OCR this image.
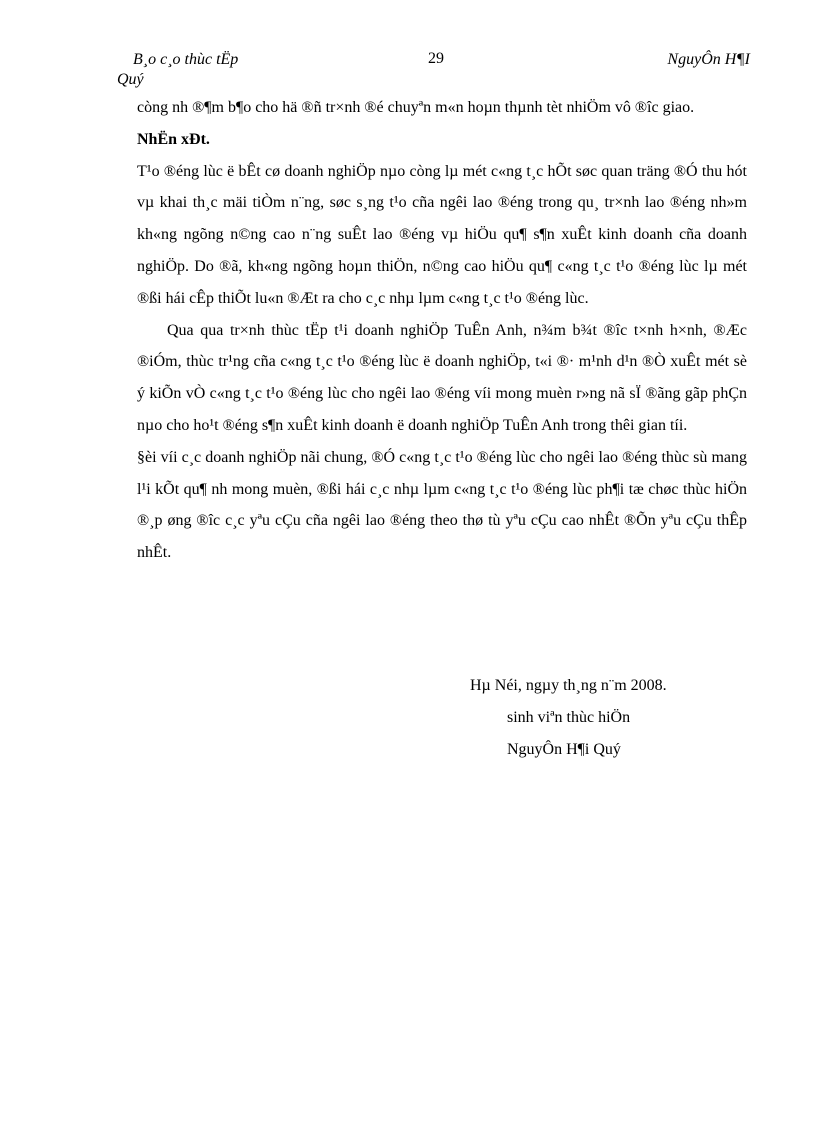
B¸o c¸o thùc tËp
Quý
29	NguyÔn H¶I

còng nh ®¶m b¶o cho hä ®ñ tr×nh ®é chuyªn m«n hoµn thµnh tèt nhiÖm vô ®îc giao.

NhËn xÐt.

T¹o ®éng lùc ë bÊt cø doanh nghiÖp nµo còng lµ mét c«ng t¸c hÕt søc quan träng ®Ó thu hót vµ khai th¸c mäi tiÒm n¨ng, søc s¸ng t¹o cña ngêi lao ®éng trong qu¸ tr×nh lao ®éng nh»m kh«ng ngõng n©ng cao n¨ng suÊt lao ®éng vµ hiÖu qu¶ s¶n xuÊt kinh doanh cña doanh nghiÖp. Do ®ã, kh«ng ngõng hoµn thiÖn, n©ng cao hiÖu qu¶ c«ng t¸c t¹o ®éng lùc lµ mét ®ßi hái cÊp thiÕt lu«n ®Æt ra cho c¸c nhµ lµm c«ng t¸c t¹o ®éng lùc.

Qua qua tr×nh thùc tËp t¹i doanh nghiÖp TuÊn Anh, n¾m b¾t ®îc t×nh h×nh, ®Æc ®iÓm, thùc tr¹ng cña c«ng t¸c t¹o ®éng lùc ë doanh nghiÖp, t«i ®· m¹nh d¹n ®Ò xuÊt mét sè ý kiÕn vÒ c«ng t¸c t¹o ®éng lùc cho ngêi lao ®éng víi mong muèn r»ng nã sÏ ®ãng gãp phÇn nµo cho ho¹t ®éng s¶n xuÊt kinh doanh ë doanh nghiÖp TuÊn Anh trong thêi gian tíi.

§èi víi c¸c doanh nghiÖp nãi chung, ®Ó c«ng t¸c t¹o ®éng lùc cho ngêi lao ®éng thùc sù mang l¹i kÕt qu¶ nh mong muèn, ®ßi hái c¸c nhµ lµm c«ng t¸c t¹o ®éng lùc ph¶i tæ chøc thùc hiÖn ®¸p øng ®îc c¸c yªu cÇu cña ngêi lao ®éng theo thø tù yªu cÇu cao nhÊt ®Õn yªu cÇu thÊp nhÊt.

Hµ Néi, ngµy th¸ng n¨m 2008.
sinh viªn thùc hiÖn
NguyÔn H¶i Quý
